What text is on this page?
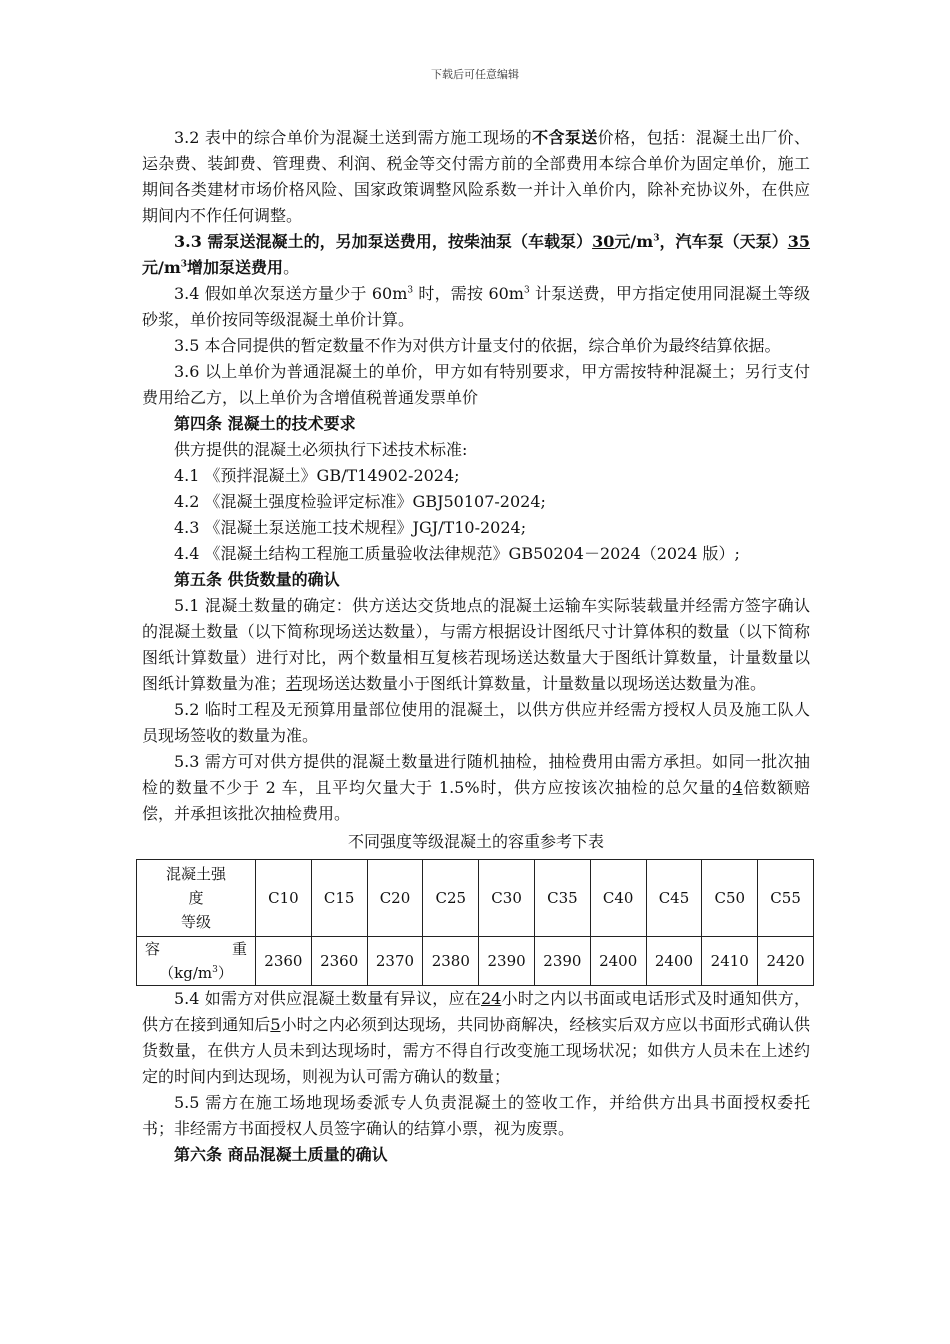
下载后可任意编辑

3.2 表中的综合单价为混凝土送到需方施工现场的不含泵送价格，包括：混凝土出厂价、运杂费、装卸费、管理费、利润、税金等交付需方前的全部费用本综合单价为固定单价，施工期间各类建材市场价格风险、国家政策调整风险系数一并计入单价内，除补充协议外，在供应期间内不作任何调整。

3.3 需泵送混凝土的，另加泵送费用，按柴油泵（车载泵）30元$/m^3$，汽车泵（天泵）35元$/m^3$增加泵送费用。

3.4 假如单次泵送方量少于 $60m^3$ 时，需按 $60m^3$ 计泵送费，甲方指定使用同混凝土等级砂浆，单价按同等级混凝土单价计算。

3.5 本合同提供的暂定数量不作为对供方计量支付的依据，综合单价为最终结算依据。

3.6 以上单价为普通混凝土的单价，甲方如有特别要求，甲方需按特种混凝土；另行支付费用给乙方，以上单价为含增值税普通发票单价

第四条 混凝土的技术要求

供方提供的混凝土必须执行下述技术标准:

4.1 《预拌混凝土》GB/T14902-2024;

4.2 《混凝土强度检验评定标准》GBJ50107-2024;

4.3 《混凝土泵送施工技术规程》JGJ/T10-2024;

4.4 《混凝土结构工程施工质量验收法律规范》GB50204－2024（2024 版）;

第五条 供货数量的确认

5.1 混凝土数量的确定：供方送达交货地点的混凝土运输车实际装载量并经需方签字确认的混凝土数量（以下简称现场送达数量），与需方根据设计图纸尺寸计算体积的数量（以下简称图纸计算数量）进行对比，两个数量相互复核若现场送达数量大于图纸计算数量，计量数量以图纸计算数量为准；若现场送达数量小于图纸计算数量，计量数量以现场送达数量为准。

5.2 临时工程及无预算用量部位使用的混凝土，以供方供应并经需方授权人员及施工队人员现场签收的数量为准。

5.3 需方可对供方提供的混凝土数量进行随机抽检，抽检费用由需方承担。如同一批次抽检的数量不少于 2 车，且平均欠量大于 1.5%时，供方应按该次抽检的总欠量的4倍数额赔偿，并承担该批次抽检费用。

不同强度等级混凝土的容重参考下表

混凝土强
度
等级	C10	C15	C20	C25	C30	C35	C40	C45	C50	C55

容 重
$(kg/m^3)$	2360	2360	2370	2380	2390	2390	2400	2400	2410	2420

5.4 如需方对供应混凝土数量有异议，应在24小时之内以书面或电话形式及时通知供方，供方在接到通知后5小时之内必须到达现场，共同协商解决，经核实后双方应以书面形式确认供货数量，在供方人员未到达现场时，需方不得自行改变施工现场状况；如供方人员未在上述约定的时间内到达现场，则视为认可需方确认的数量；

5.5 需方在施工场地现场委派专人负责混凝土的签收工作，并给供方出具书面授权委托书；非经需方书面授权人员签字确认的结算小票，视为废票。

第六条 商品混凝土质量的确认
